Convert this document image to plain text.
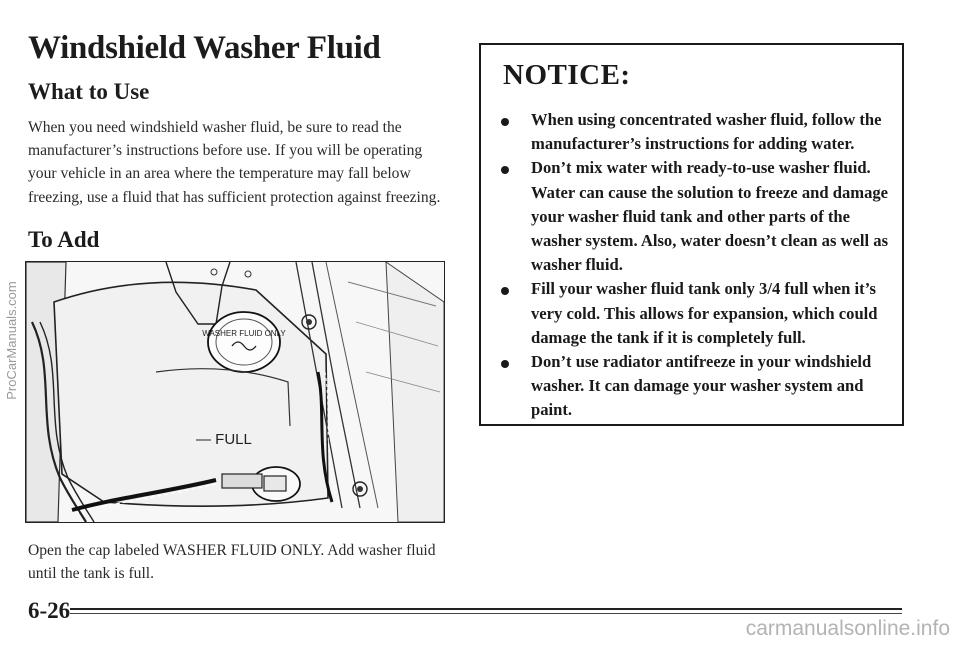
Windshield Washer Fluid
What to Use

When you need windshield washer fluid, be sure to read the manufacturer’s instructions before use. If you will be operating your vehicle in an area where the temperature may fall below freezing, use a fluid that has sufficient protection against freezing.

To Add
WASHER FLUID ONLY
— FULL

Open the cap labeled WASHER FLUID ONLY. Add washer fluid until the tank is full.

NOTICE:
When using concentrated washer fluid, follow the manufacturer’s instructions for adding water.
Don’t mix water with ready-to-use washer fluid. Water can cause the solution to freeze and damage your washer fluid tank and other parts of the washer system. Also, water doesn’t clean as well as washer fluid.
Fill your washer fluid tank only 3/4 full when it’s very cold. This allows for expansion, which could damage the tank if it is completely full.
Don’t use radiator antifreeze in your windshield washer. It can damage your washer system and paint.
6-26
ProCarManuals.com
carmanualsonline.info
